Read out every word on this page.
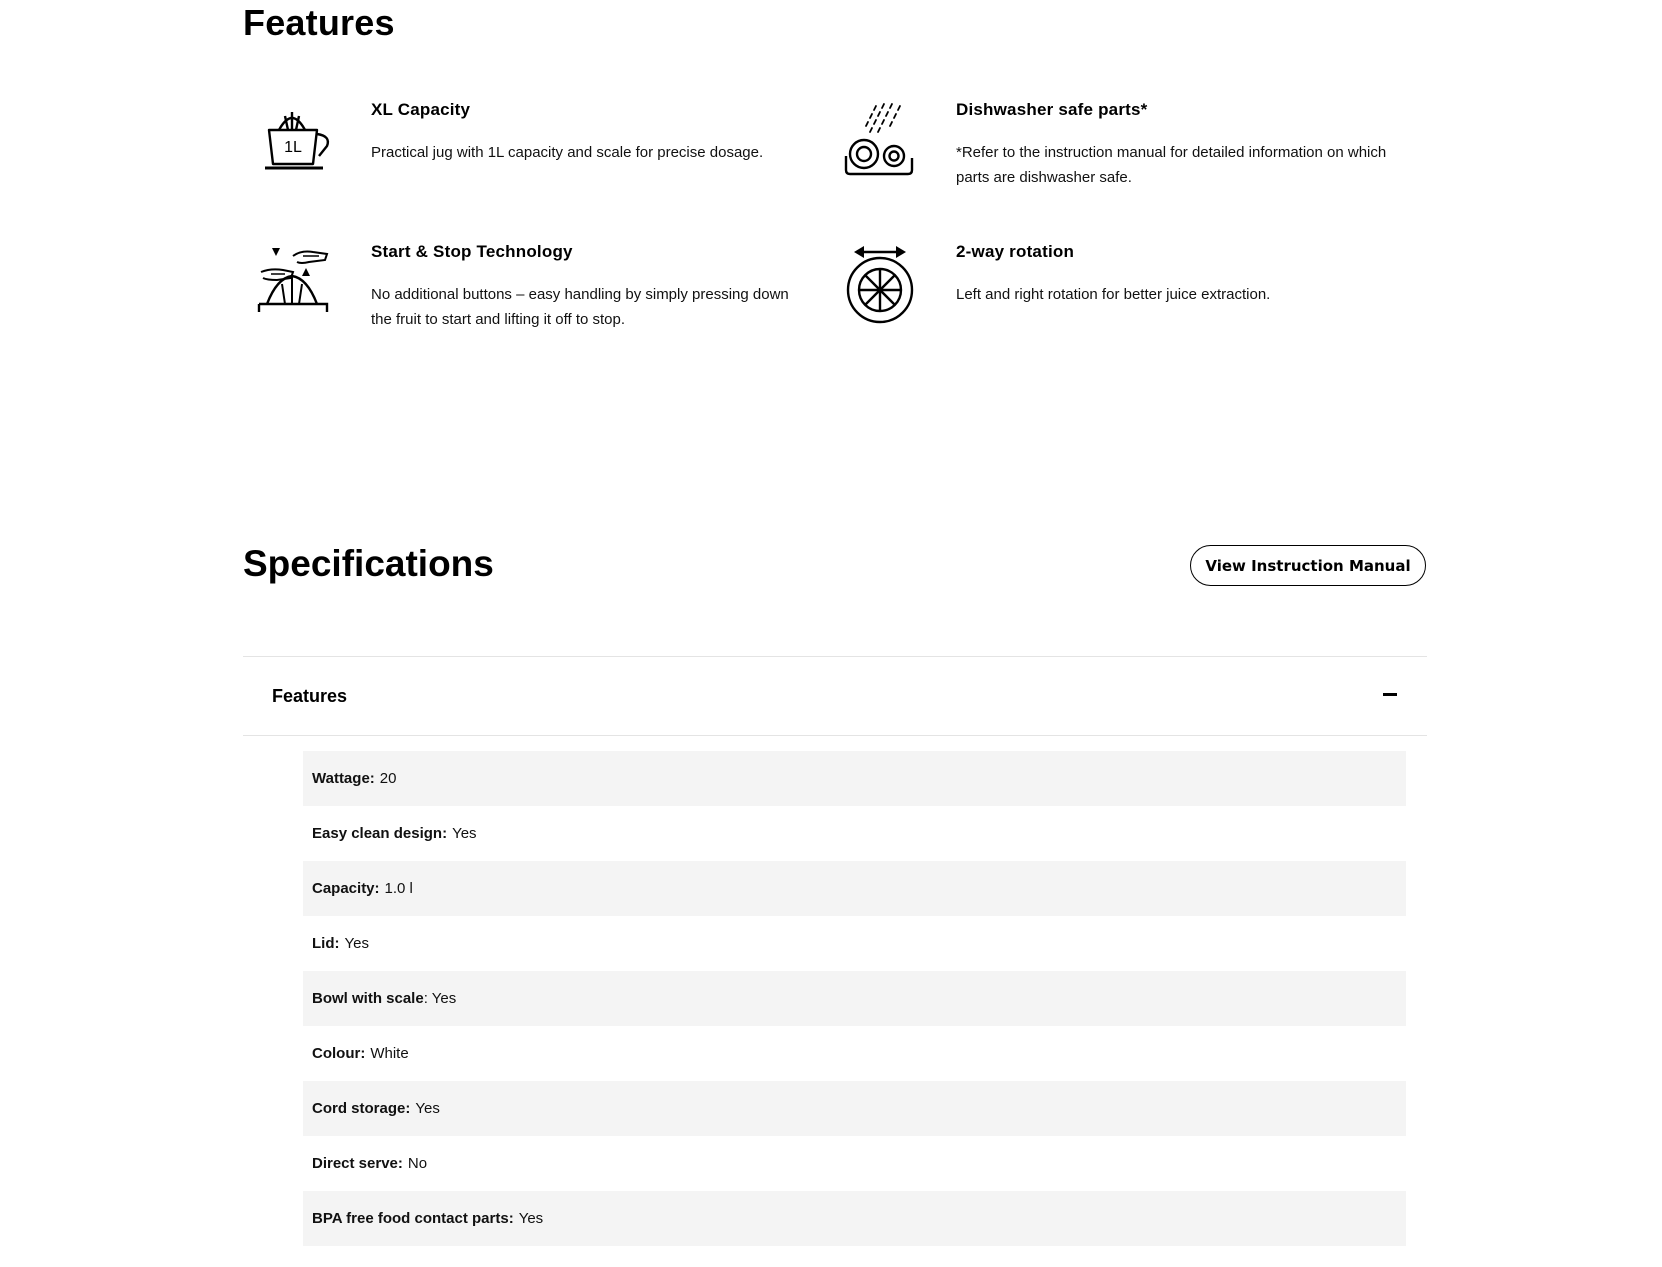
Features
1L
XL Capacity
Practical jug with 1L capacity and scale for precise dosage.
Dishwasher safe parts*
*Refer to the instruction manual for detailed information on which parts are dishwasher safe.
Start & Stop Technology
No additional buttons – easy handling by simply pressing down the fruit to start and lifting it off to stop.
2-way rotation
Left and right rotation for better juice extraction.
Specifications	View Instruction Manual
Features
Wattage: 20
Easy clean design: Yes
Capacity: 1.0 l
Lid: Yes
Bowl with scale : Yes
Colour: White
Cord storage: Yes
Direct serve: No
BPA free food contact parts: Yes
